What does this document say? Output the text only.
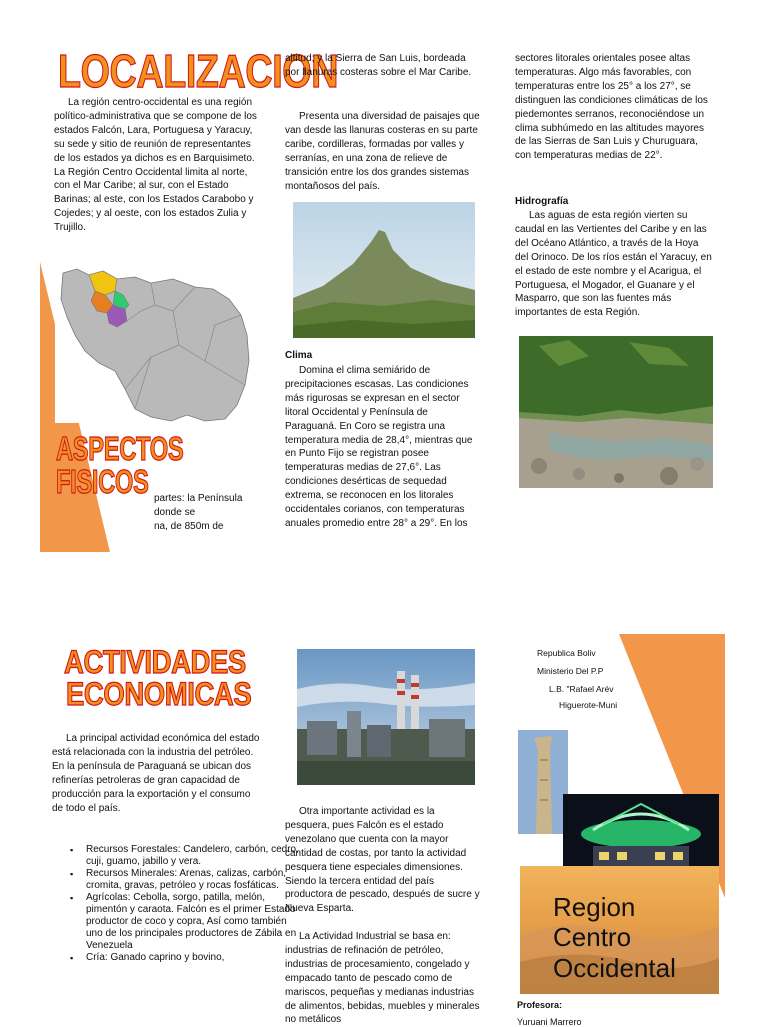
LOCALIZACION

La región centro-occidental es una región político-administrativa que se compone de los estados Falcón, Lara, Portuguesa y Yaracuy, su sede y sitio de reunión de representantes de los estados ya dichos es en Barquisimeto. La Región Centro Occidental limita al norte, con el Mar Caribe; al sur, con el Estado Barinas; al este, con los Estados Carabobo y Cojedes; y al oeste, con los estados Zulia y Trujillo.

ASPECTOS FISICOS partes: la Península

donde se

na, de 850m de

altitud; y la Sierra de San Luis, bordeada por llanuras costeras sobre el Mar Caribe.

Presenta una diversidad de paisajes que van desde las llanuras costeras en su parte caribe, cordilleras, formadas por valles y serranías, en una zona de relieve de transición entre los dos grandes sistemas montañosos del país.

Clima

Domina el clima semiárido de precipitaciones escasas. Las condiciones más rigurosas se expresan en el sector litoral Occidental y Península de Paraguaná. En Coro se registra una temperatura media de 28,4°, mientras que en Punto Fijo se registran posee temperaturas medias de 27,6°. Las condiciones desérticas de sequedad extrema, se reconocen en los litorales occidentales corianos, con temperaturas anuales promedio entre 28° a 29°. En los

sectores litorales orientales posee altas temperaturas. Algo más favorables, con temperaturas entre los 25° a los 27°, se distinguen las condiciones climáticas de los piedemontes serranos, reconociéndose un clima subhúmedo en las altitudes mayores de las Sierras de San Luis y Churuguara, con temperaturas medias de 22°.

Hidrografía

Las aguas de esta región vierten su caudal en las Vertientes del Caribe y en las del Océano Atlántico, a través de la Hoya del Orinoco. De los ríos están el Yaracuy, en el estado de este nombre y el Acarigua, el Portuguesa, el Mogador, el Guanare y el Masparro, que son las fuentes más importantes de esta Región.

ACTIVIDADES
ECONOMICAS

La principal actividad económica del estado está relacionada con la industria del petróleo. En la península de Paraguaná se ubican dos refinerías petroleras de gran capacidad de producción para la exportación y el consumo de todo el país.

▪ Recursos Forestales: Candelero, carbón, cedro, cuji, guamo, jabillo y vera.
▪ Recursos Minerales: Arenas, calizas, carbón, cromita, gravas, petróleo y rocas fosfáticas.
▪ Agrícolas: Cebolla, sorgo, patilla, melón, pimentón y caraota. Falcón es el primer Estado productor de coco y copra, Así como también uno de los principales productores de Zábila en Venezuela
▪ Cría: Ganado caprino y bovino,

Otra importante actividad es la pesquera, pues Falcón es el estado venezolano que cuenta con la mayor cantidad de costas, por tanto la actividad pesquera tiene especiales dimensiones. Siendo la tercera entidad del país productora de pescado, después de sucre y Nueva Esparta.

La Actividad Industrial se basa en: industrias de refinación de petróleo, industrias de procesamiento, congelado y empacado tanto de pescado como de mariscos, pequeñas y medianas industrias de alimentos, bebidas, muebles y minerales no metálicos

Republica Boliv

Ministerio Del P.P

L.B. "Rafael Arév

Higuerote-Muni

Region

Centro

Occidental

Profesora:

Yuruani Marrero
